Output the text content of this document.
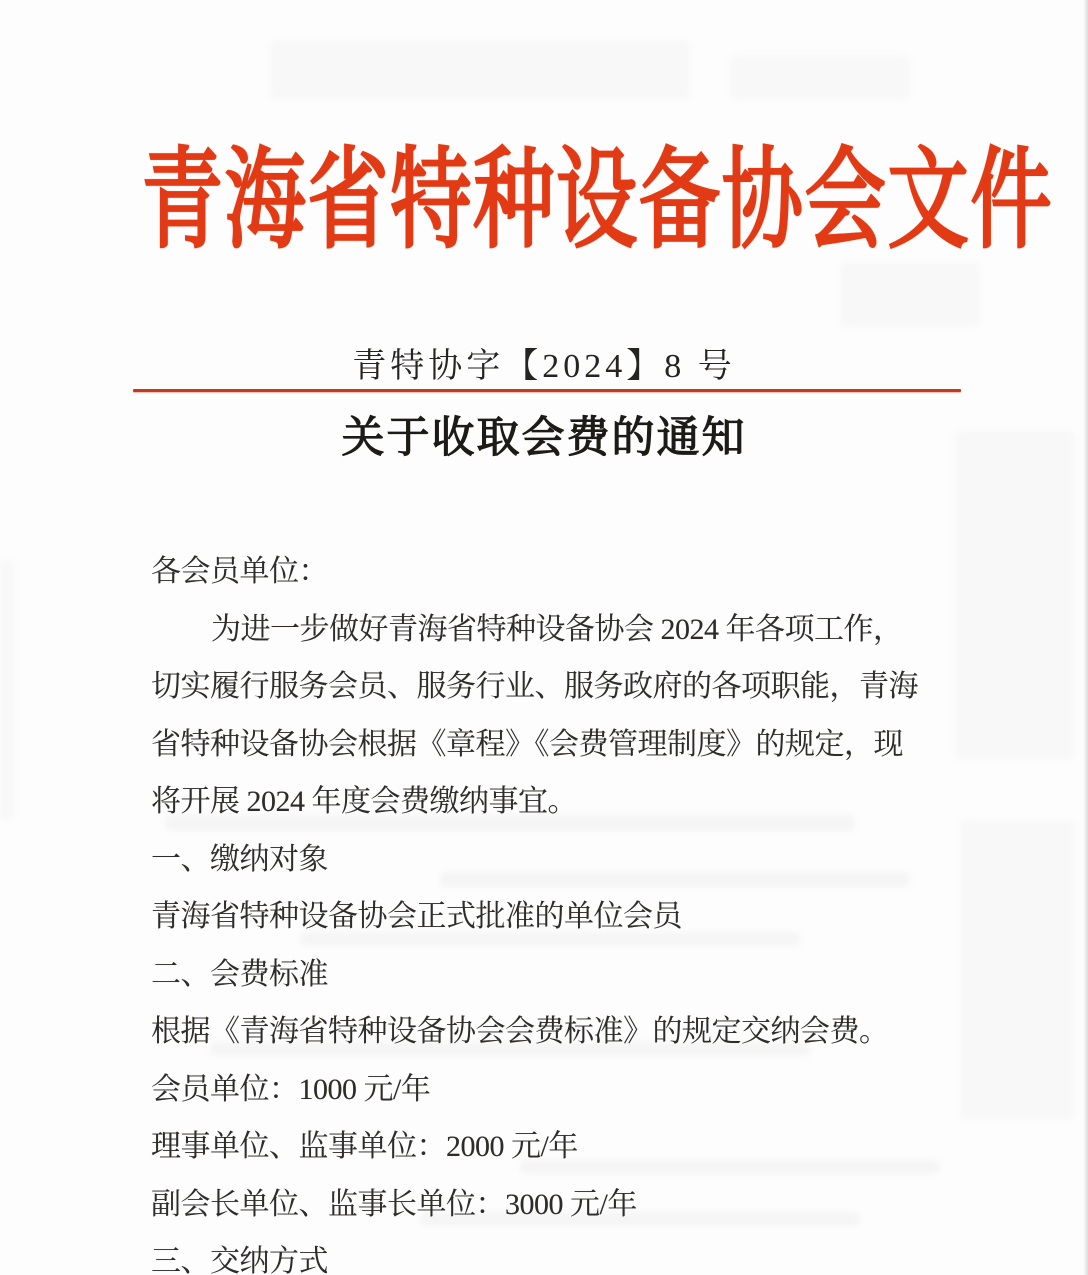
青海省特种设备协会文件
青特协字【2024】8 号
关于收取会费的通知
各会员单位：
为进一步做好青海省特种设备协会 2024 年各项工作，
切实履行服务会员、服务行业、服务政府的各项职能，青海
省特种设备协会根据《章程》《会费管理制度》的规定，现
将开展 2024 年度会费缴纳事宜。
一、缴纳对象
青海省特种设备协会正式批准的单位会员
二、会费标准
根据《青海省特种设备协会会费标准》的规定交纳会费。
会员单位：1000 元/年
理事单位、监事单位：2000 元/年
副会长单位、监事长单位：3000 元/年
三、交纳方式
